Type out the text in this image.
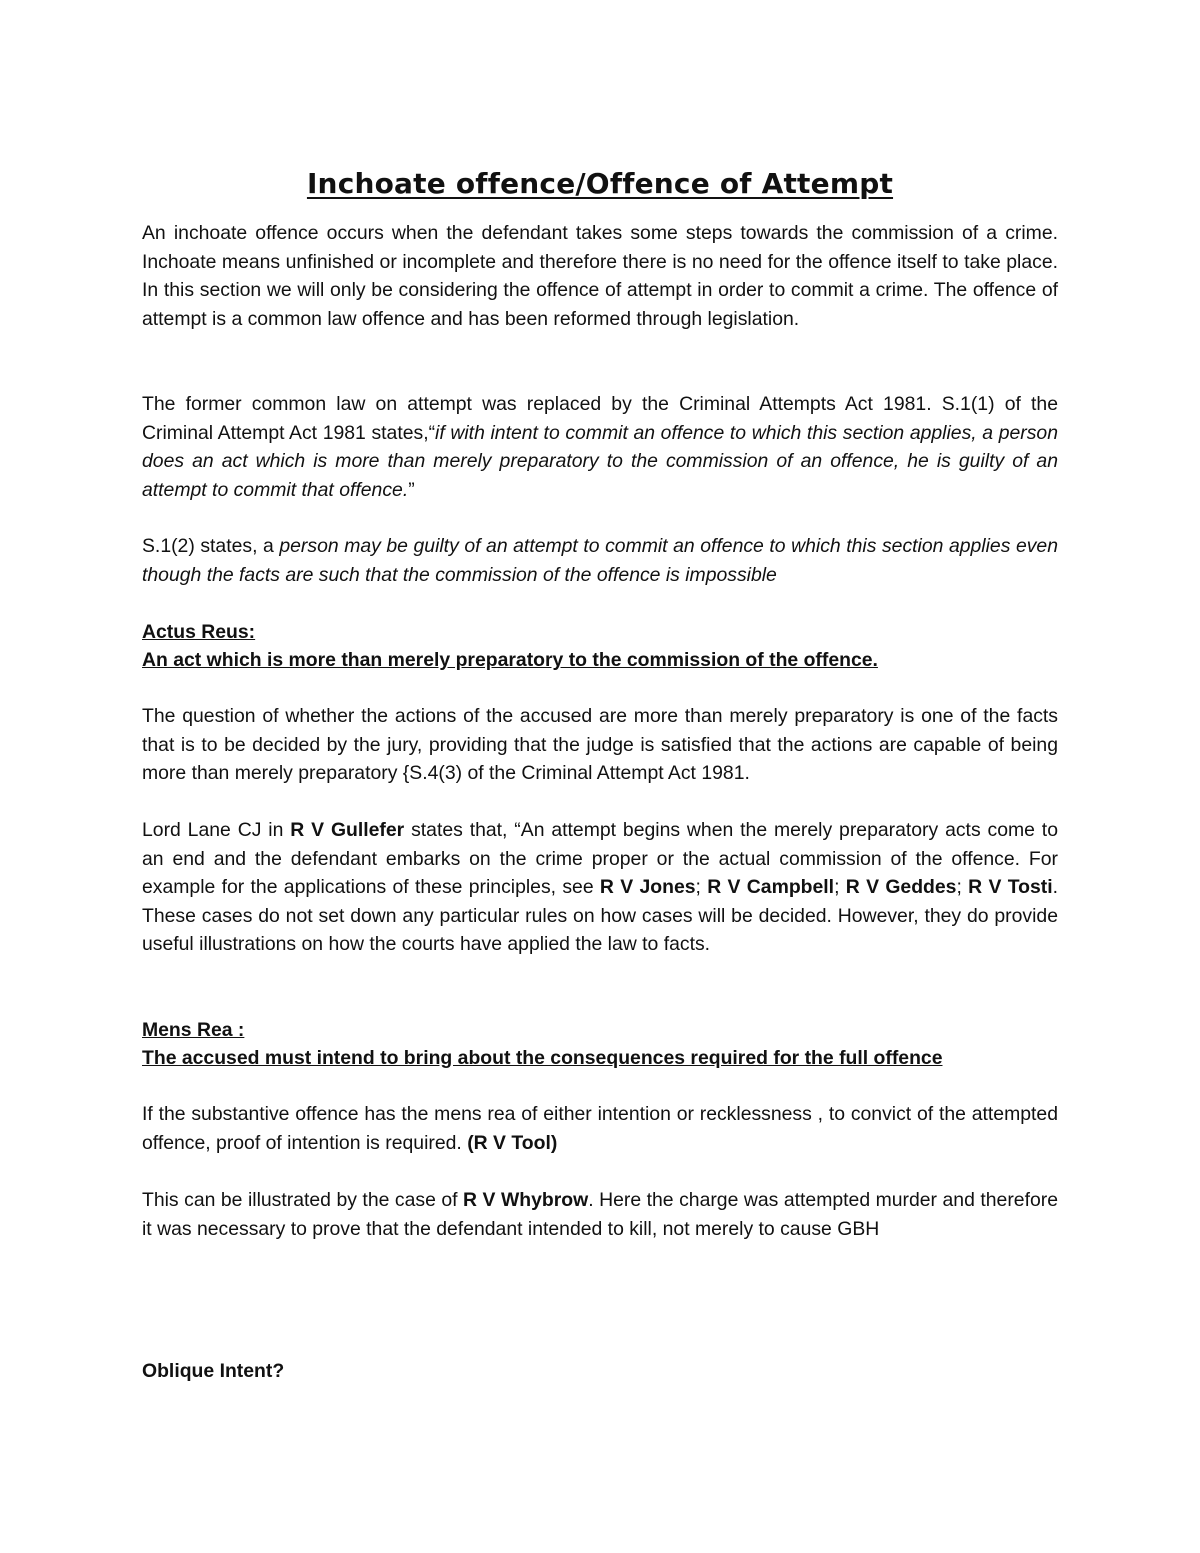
Inchoate offence/Offence of Attempt

An inchoate offence occurs when the defendant takes some steps towards the commission of a crime. Inchoate means unfinished or incomplete and therefore there is no need for the offence itself to take place. In this section we will only be considering the offence of attempt in order to commit a crime. The offence of attempt is a common law offence and has been reformed through legislation.

The former common law on attempt was replaced by the Criminal Attempts Act 1981. S.1(1) of the Criminal Attempt Act 1981 states,“if with intent to commit an offence to which this section applies, a person does an act which is more than merely preparatory to the commission of an offence, he is guilty of an attempt to commit that offence.”

S.1(2) states, a person may be guilty of an attempt to commit an offence to which this section applies even though the facts are such that the commission of the offence is impossible

Actus Reus:

An act which is more than merely preparatory to the commission of the offence.

The question of whether the actions of the accused are more than merely preparatory is one of the facts that is to be decided by the jury, providing that the judge is satisfied that the actions are capable of being more than merely preparatory {S.4(3) of the Criminal Attempt Act 1981.

Lord Lane CJ in R V Gullefer states that, “An attempt begins when the merely preparatory acts come to an end and the defendant embarks on the crime proper or the actual commission of the offence. For example for the applications of these principles, see R V Jones; R V Campbell; R V Geddes; R V Tosti. These cases do not set down any particular rules on how cases will be decided. However, they do provide useful illustrations on how the courts have applied the law to facts.

Mens Rea :

The accused must intend to bring about the consequences required for the full offence

If the substantive offence has the mens rea of either intention or recklessness , to convict of the attempted offence, proof of intention is required. (R V Tool)

This can be illustrated by the case of R V Whybrow. Here the charge was attempted murder and therefore it was necessary to prove that the defendant intended to kill, not merely to cause GBH

Oblique Intent?
